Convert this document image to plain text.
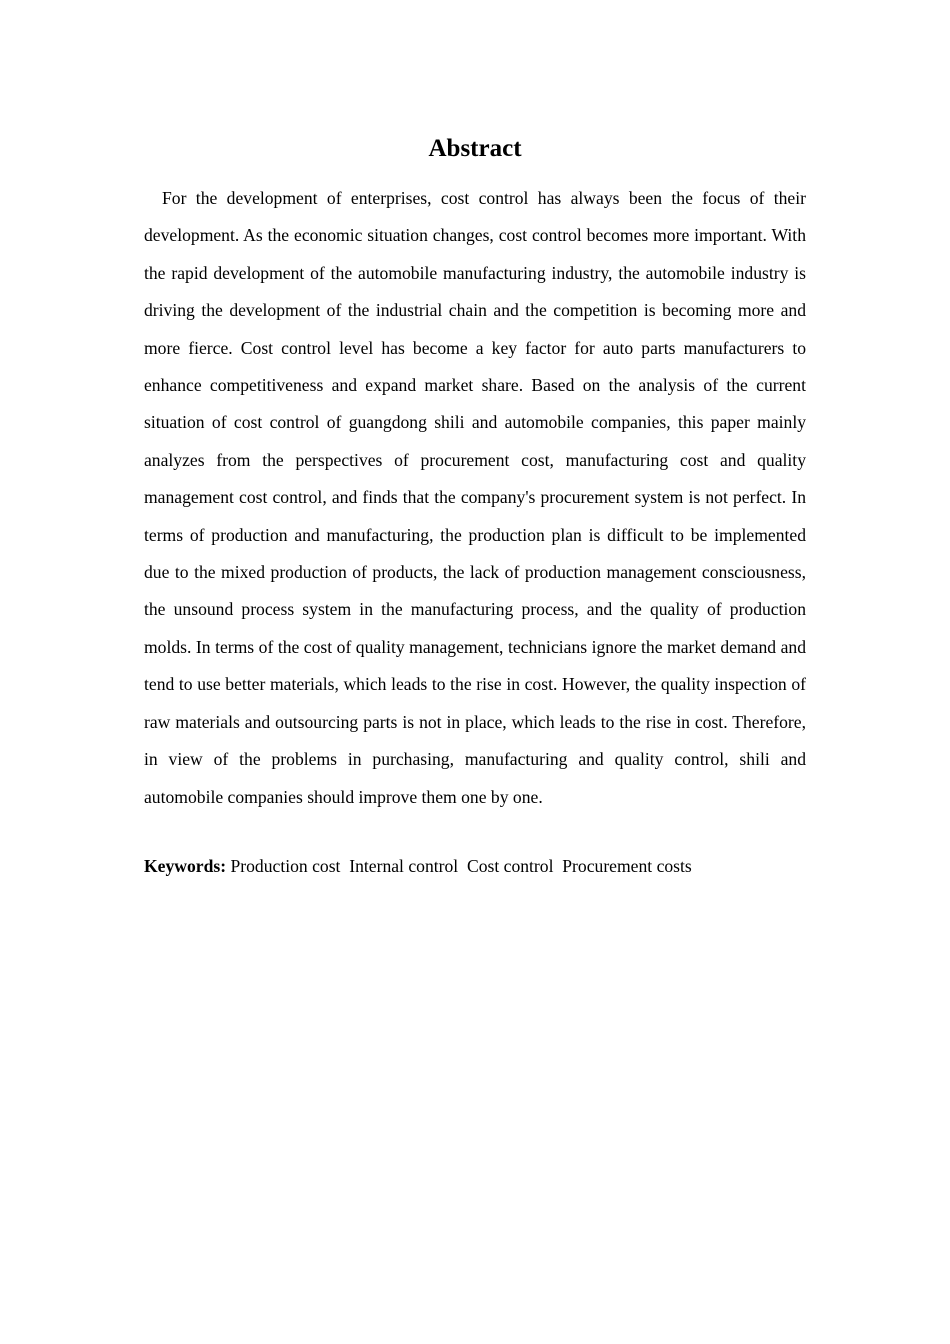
Abstract

For the development of enterprises, cost control has always been the focus of their development. As the economic situation changes, cost control becomes more important. With the rapid development of the automobile manufacturing industry, the automobile industry is driving the development of the industrial chain and the competition is becoming more and more fierce. Cost control level has become a key factor for auto parts manufacturers to enhance competitiveness and expand market share. Based on the analysis of the current situation of cost control of guangdong shili and automobile companies, this paper mainly analyzes from the perspectives of procurement cost, manufacturing cost and quality management cost control, and finds that the company's procurement system is not perfect. In terms of production and manufacturing, the production plan is difficult to be implemented due to the mixed production of products, the lack of production management consciousness, the unsound process system in the manufacturing process, and the quality of production molds. In terms of the cost of quality management, technicians ignore the market demand and tend to use better materials, which leads to the rise in cost. However, the quality inspection of raw materials and outsourcing parts is not in place, which leads to the rise in cost. Therefore, in view of the problems in purchasing, manufacturing and quality control, shili and automobile companies should improve them one by one.

Keywords: Production cost  Internal control  Cost control  Procurement costs
